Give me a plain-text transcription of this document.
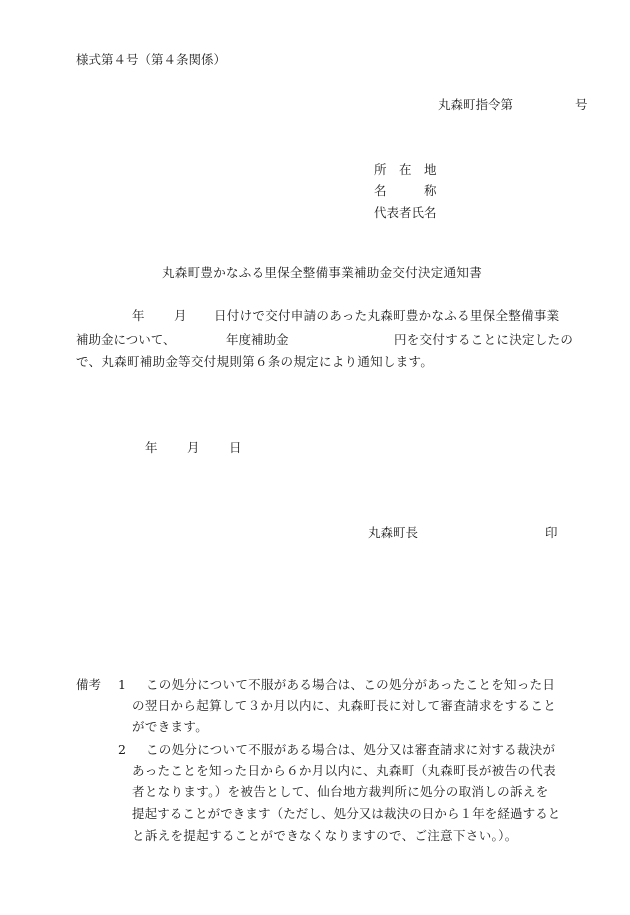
様式第４号（第４条関係）
丸森町指令第	号
所　在　地
名　　　称
代表者氏名
丸森町豊かなふる里保全整備事業補助金交付決定通知書
年 月 日付けで交付申請のあった丸森町豊かなふる里保全整備事業
補助金について、	年度補助金	円を交付することに決定したの
で、丸森町補助金等交付規則第６条の規定により通知します。
年 月 日
丸森町長	印
備考 1 この処分について不服がある場合は、この処分があったことを知った日
の翌日から起算して３か月以内に、丸森町長に対して審査請求をすること
ができます。
2 この処分について不服がある場合は、処分又は審査請求に対する裁決が
あったことを知った日から６か月以内に、丸森町（丸森町長が被告の代表
者となります。）を被告として、仙台地方裁判所に処分の取消しの訴えを
提起することができます（ただし、処分又は裁決の日から１年を経過すると
と訴えを提起することができなくなりますので、ご注意下さい。）。
